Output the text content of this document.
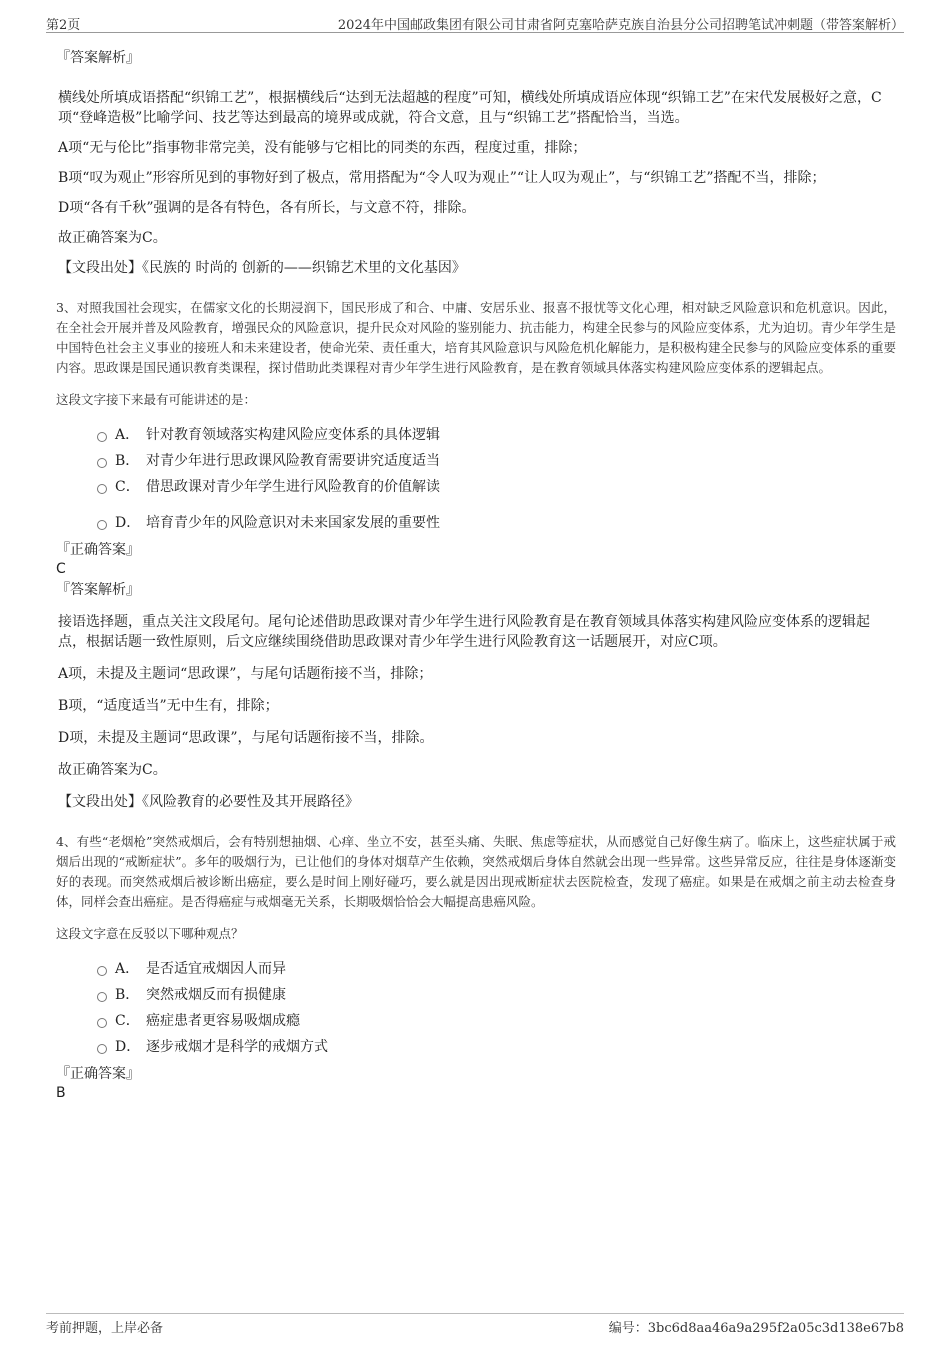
第2页	2024年中国邮政集团有限公司甘肃省阿克塞哈萨克族自治县分公司招聘笔试冲刺题（带答案解析）

『答案解析』

横线处所填成语搭配“织锦工艺”，根据横线后“达到无法超越的程度”可知，横线处所填成语应体现“织锦工艺”在宋代发展极好之意，C项“登峰造极”比喻学问、技艺等达到最高的境界或成就，符合文意，且与“织锦工艺”搭配恰当，当选。

A项“无与伦比”指事物非常完美，没有能够与它相比的同类的东西，程度过重，排除；

B项“叹为观止”形容所见到的事物好到了极点，常用搭配为“令人叹为观止”“让人叹为观止”，与“织锦工艺”搭配不当，排除；

D项“各有千秋”强调的是各有特色，各有所长，与文意不符，排除。

故正确答案为C。

【文段出处】《民族的 时尚的 创新的——织锦艺术里的文化基因》

3、对照我国社会现实，在儒家文化的长期浸润下，国民形成了和合、中庸、安居乐业、报喜不报忧等文化心理，相对缺乏风险意识和危机意识。因此，在全社会开展并普及风险教育，增强民众的风险意识，提升民众对风险的鉴别能力、抗击能力，构建全民参与的风险应变体系，尤为迫切。青少年学生是中国特色社会主义事业的接班人和未来建设者，使命光荣、责任重大，培育其风险意识与风险危机化解能力，是积极构建全民参与的风险应变体系的重要内容。思政课是国民通识教育类课程，探讨借助此类课程对青少年学生进行风险教育，是在教育领域具体落实构建风险应变体系的逻辑起点。

这段文字接下来最有可能讲述的是：

A． 针对教育领域落实构建风险应变体系的具体逻辑
B． 对青少年进行思政课风险教育需要讲究适度适当
C． 借思政课对青少年学生进行风险教育的价值解读
D． 培育青少年的风险意识对未来国家发展的重要性

『正确答案』

C

『答案解析』

接语选择题，重点关注文段尾句。尾句论述借助思政课对青少年学生进行风险教育是在教育领域具体落实构建风险应变体系的逻辑起点，根据话题一致性原则，后文应继续围绕借助思政课对青少年学生进行风险教育这一话题展开，对应C项。

A项，未提及主题词“思政课”，与尾句话题衔接不当，排除；

B项，“适度适当”无中生有，排除；

D项，未提及主题词“思政课”，与尾句话题衔接不当，排除。

故正确答案为C。

【文段出处】《风险教育的必要性及其开展路径》

4、有些“老烟枪”突然戒烟后，会有特别想抽烟、心痒、坐立不安，甚至头痛、失眠、焦虑等症状，从而感觉自己好像生病了。临床上，这些症状属于戒烟后出现的“戒断症状”。多年的吸烟行为，已让他们的身体对烟草产生依赖，突然戒烟后身体自然就会出现一些异常。这些异常反应，往往是身体逐渐变好的表现。而突然戒烟后被诊断出癌症，要么是时间上刚好碰巧，要么就是因出现戒断症状去医院检查，发现了癌症。如果是在戒烟之前主动去检查身体，同样会查出癌症。是否得癌症与戒烟毫无关系，长期吸烟恰恰会大幅提高患癌风险。

这段文字意在反驳以下哪种观点？

A． 是否适宜戒烟因人而异
B． 突然戒烟反而有损健康
C． 癌症患者更容易吸烟成瘾
D． 逐步戒烟才是科学的戒烟方式

『正确答案』

B

考前押题，上岸必备	编号：3bc6d8aa46a9a295f2a05c3d138e67b8
